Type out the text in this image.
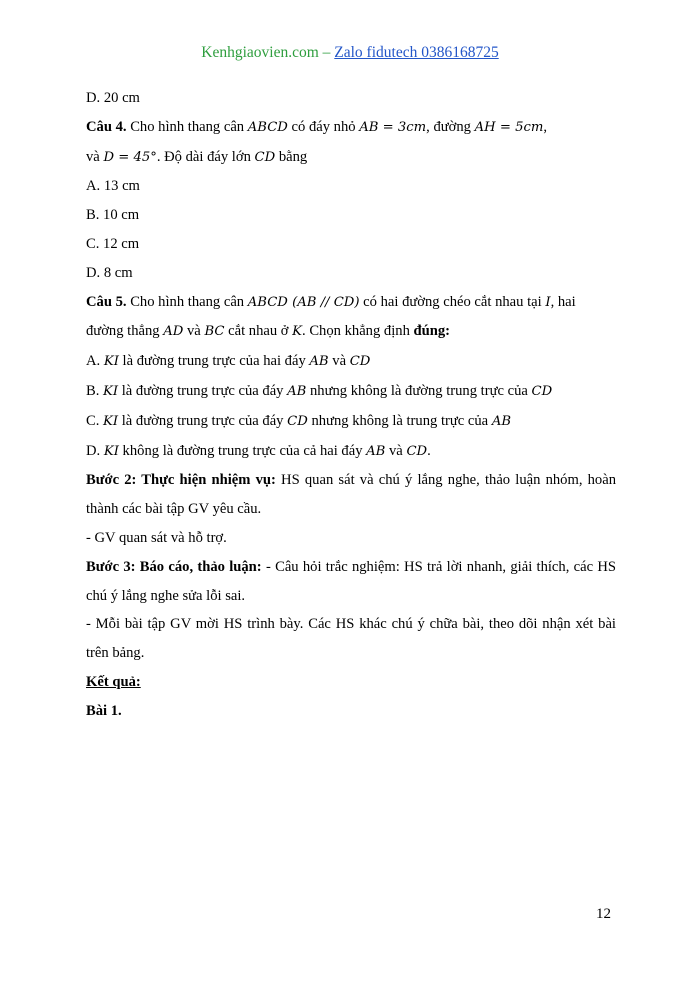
Kenhgiaovien.com – Zalo fidutech 0386168725

D. 20 cm

Câu 4. Cho hình thang cân ABCD có đáy nhỏ AB = 3cm, đường AH = 5cm,
và D = 45°. Độ dài đáy lớn CD bằng

A. 13 cm

B. 10 cm

C. 12 cm

D. 8 cm

Câu 5. Cho hình thang cân ABCD (AB // CD) có hai đường chéo cắt nhau tại I, hai
đường thẳng AD và BC cắt nhau ở K. Chọn khẳng định đúng:

A. KI là đường trung trực của hai đáy AB và CD

B. KI là đường trung trực của đáy AB nhưng không là đường trung trực của CD

C. KI là đường trung trực của đáy CD nhưng không là trung trực của AB

D. KI không là đường trung trực của cả hai đáy AB và CD.

Bước 2: Thực hiện nhiệm vụ: HS quan sát và chú ý lắng nghe, thảo luận nhóm, hoàn thành các bài tập GV yêu cầu.

- GV quan sát và hỗ trợ.

Bước 3: Báo cáo, thảo luận: - Câu hỏi trắc nghiệm: HS trả lời nhanh, giải thích, các HS chú ý lắng nghe sửa lỗi sai.

- Mỗi bài tập GV mời HS trình bày. Các HS khác chú ý chữa bài, theo dõi nhận xét bài trên bảng.

Kết quả:

Bài 1.

12
